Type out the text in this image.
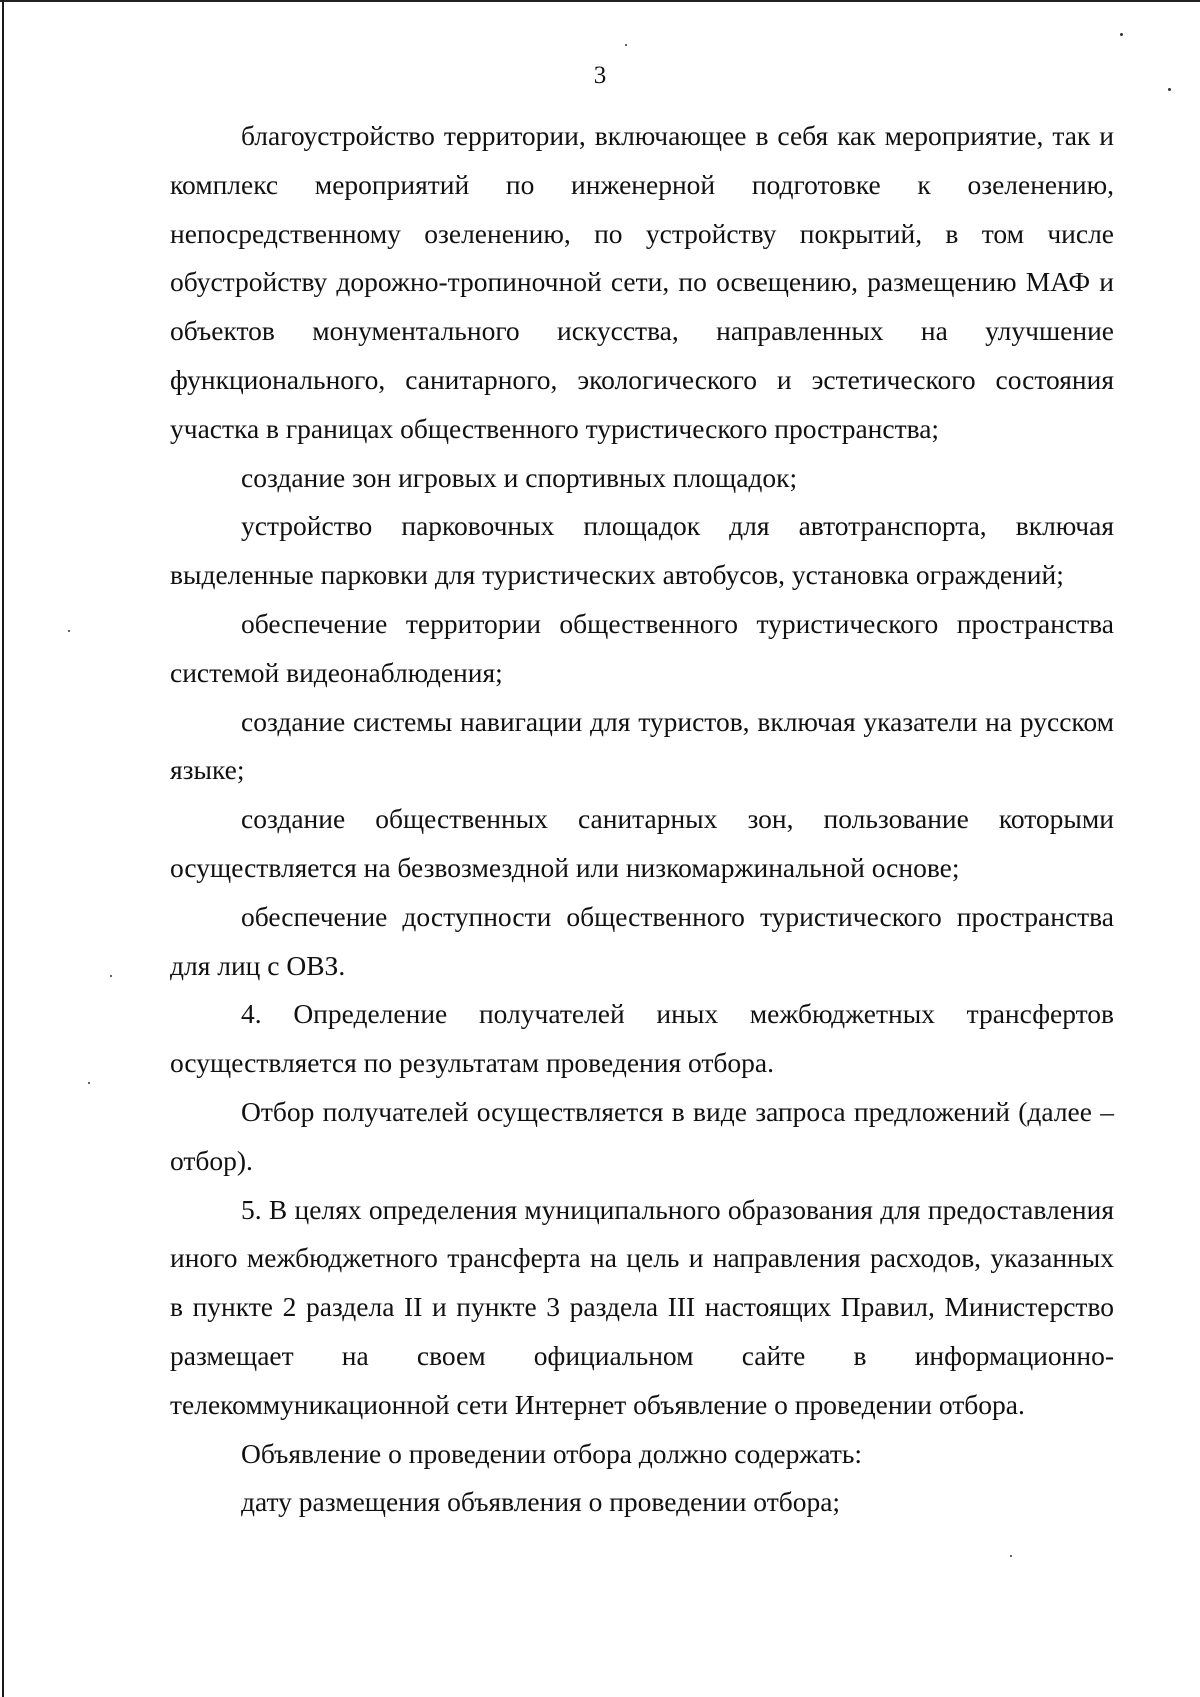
3

благоустройство территории, включающее в себя как мероприятие, так и комплекс мероприятий по инженерной подготовке к озеленению, непосредственному озеленению, по устройству покрытий, в том числе обустройству дорожно-тропиночной сети, по освещению, размещению МАФ и объектов монументального искусства, направленных на улучшение функционального, санитарного, экологического и эстетического состояния участка в границах общественного туристического пространства;

создание зон игровых и спортивных площадок;

устройство парковочных площадок для автотранспорта, включая выделенные парковки для туристических автобусов, установка ограждений;

обеспечение территории общественного туристического пространства системой видеонаблюдения;

создание системы навигации для туристов, включая указатели на русском языке;

создание общественных санитарных зон, пользование которыми осуществляется на безвозмездной или низкомаржинальной основе;

обеспечение доступности общественного туристического пространства для лиц с ОВЗ.

4. Определение получателей иных межбюджетных трансфертов осуществляется по результатам проведения отбора.

Отбор получателей осуществляется в виде запроса предложений (далее – отбор).

5. В целях определения муниципального образования для предоставления иного межбюджетного трансферта на цель и направления расходов, указанных в пункте 2 раздела II и пункте 3 раздела III настоящих Правил, Министерство размещает на своем официальном сайте в информационно-телекоммуникационной сети Интернет объявление о проведении отбора.

Объявление о проведении отбора должно содержать:

дату размещения объявления о проведении отбора;
